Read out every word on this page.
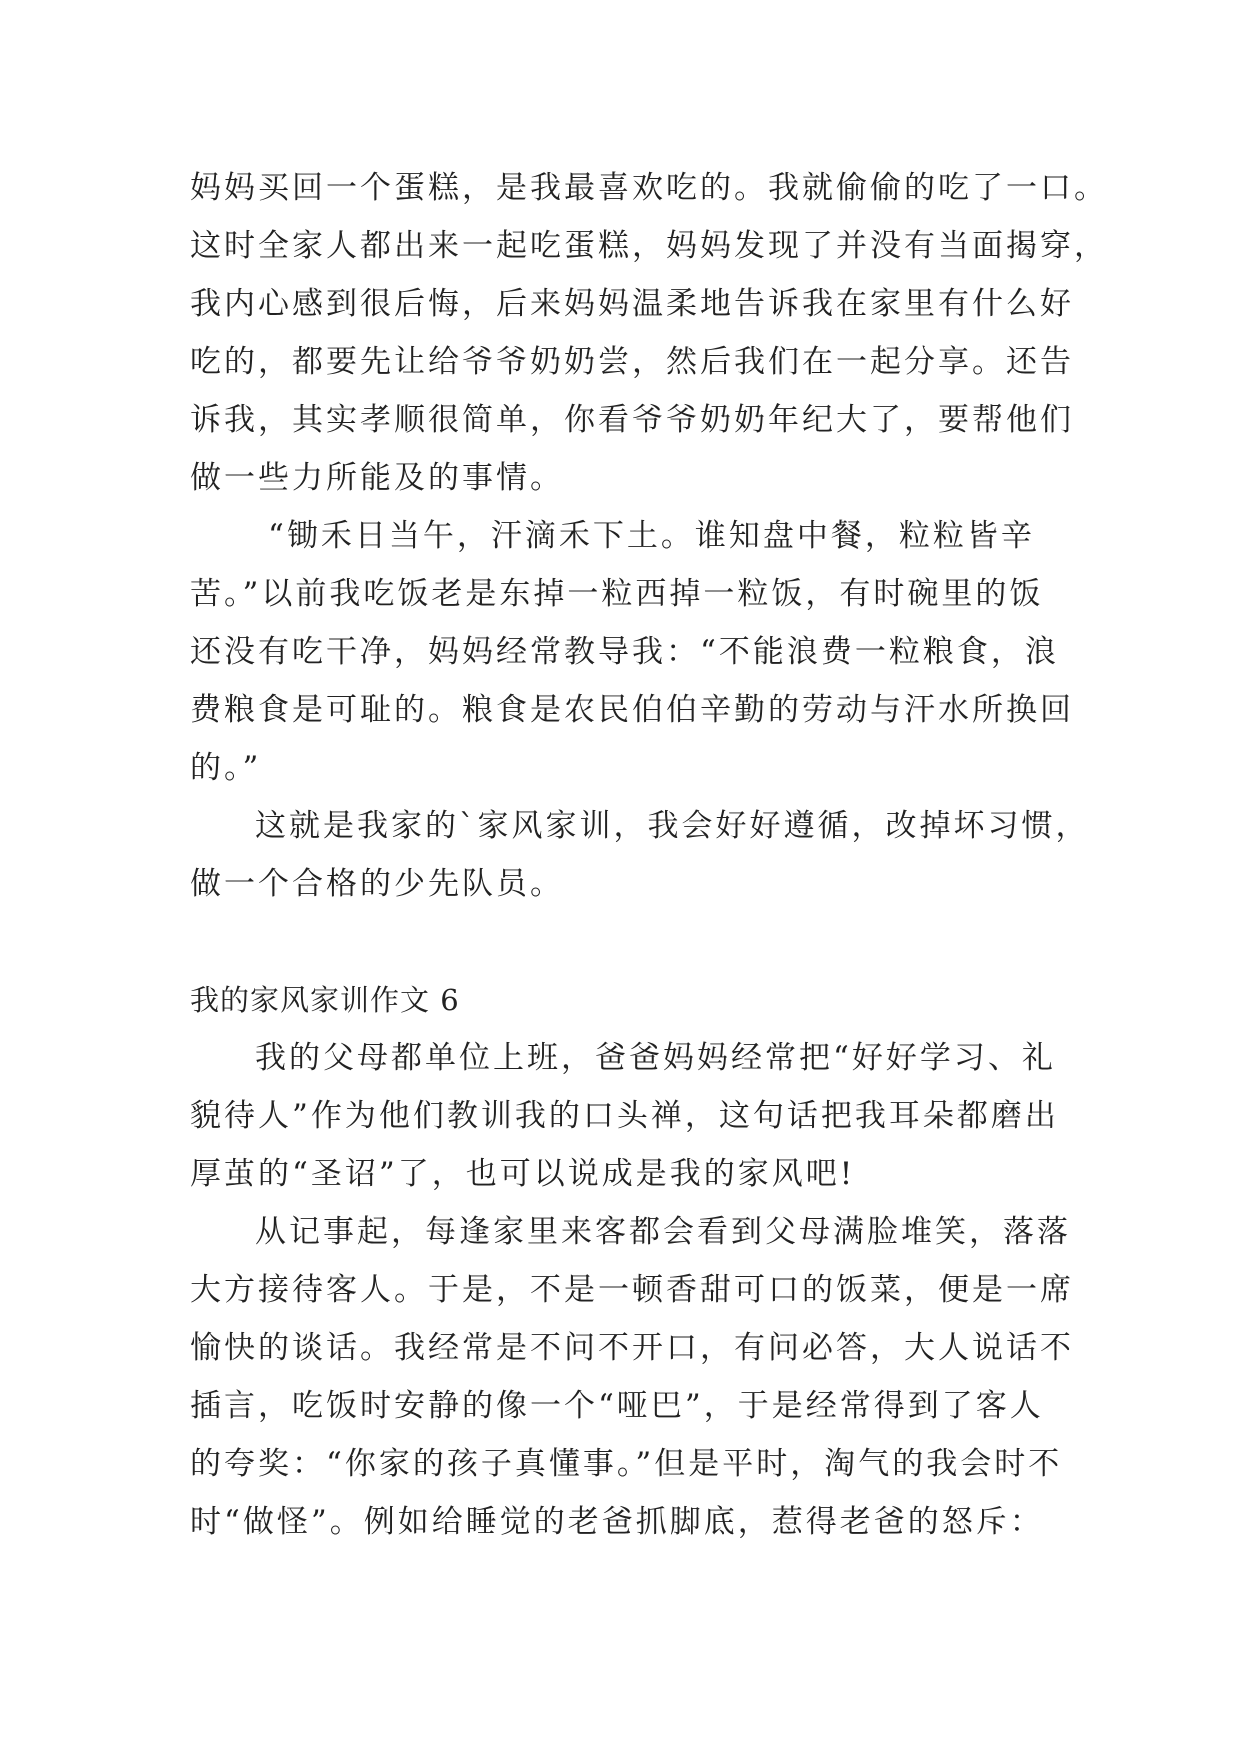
妈妈买回一个蛋糕，是我最喜欢吃的。我就偷偷的吃了一口。
这时全家人都出来一起吃蛋糕，妈妈发现了并没有当面揭穿，
我内心感到很后悔，后来妈妈温柔地告诉我在家里有什么好
吃的，都要先让给爷爷奶奶尝，然后我们在一起分享。还告
诉我，其实孝顺很简单，你看爷爷奶奶年纪大了，要帮他们
做一些力所能及的事情。
“锄禾日当午，汗滴禾下土。谁知盘中餐，粒粒皆辛
苦。”以前我吃饭老是东掉一粒西掉一粒饭，有时碗里的饭
还没有吃干净，妈妈经常教导我：“不能浪费一粒粮食，浪
费粮食是可耻的。粮食是农民伯伯辛勤的劳动与汗水所换回
的。”
这就是我家的`家风家训，我会好好遵循，改掉坏习惯，
做一个合格的少先队员。
我的家风家训作文 6
我的父母都单位上班，爸爸妈妈经常把“好好学习、礼
貌待人”作为他们教训我的口头禅，这句话把我耳朵都磨出
厚茧的“圣诏”了，也可以说成是我的家风吧!
从记事起，每逢家里来客都会看到父母满脸堆笑，落落
大方接待客人。于是，不是一顿香甜可口的饭菜，便是一席
愉快的谈话。我经常是不问不开口，有问必答，大人说话不
插言，吃饭时安静的像一个“哑巴”，于是经常得到了客人
的夸奖：“你家的孩子真懂事。”但是平时，淘气的我会时不
时“做怪”。例如给睡觉的老爸抓脚底，惹得老爸的怒斥：
